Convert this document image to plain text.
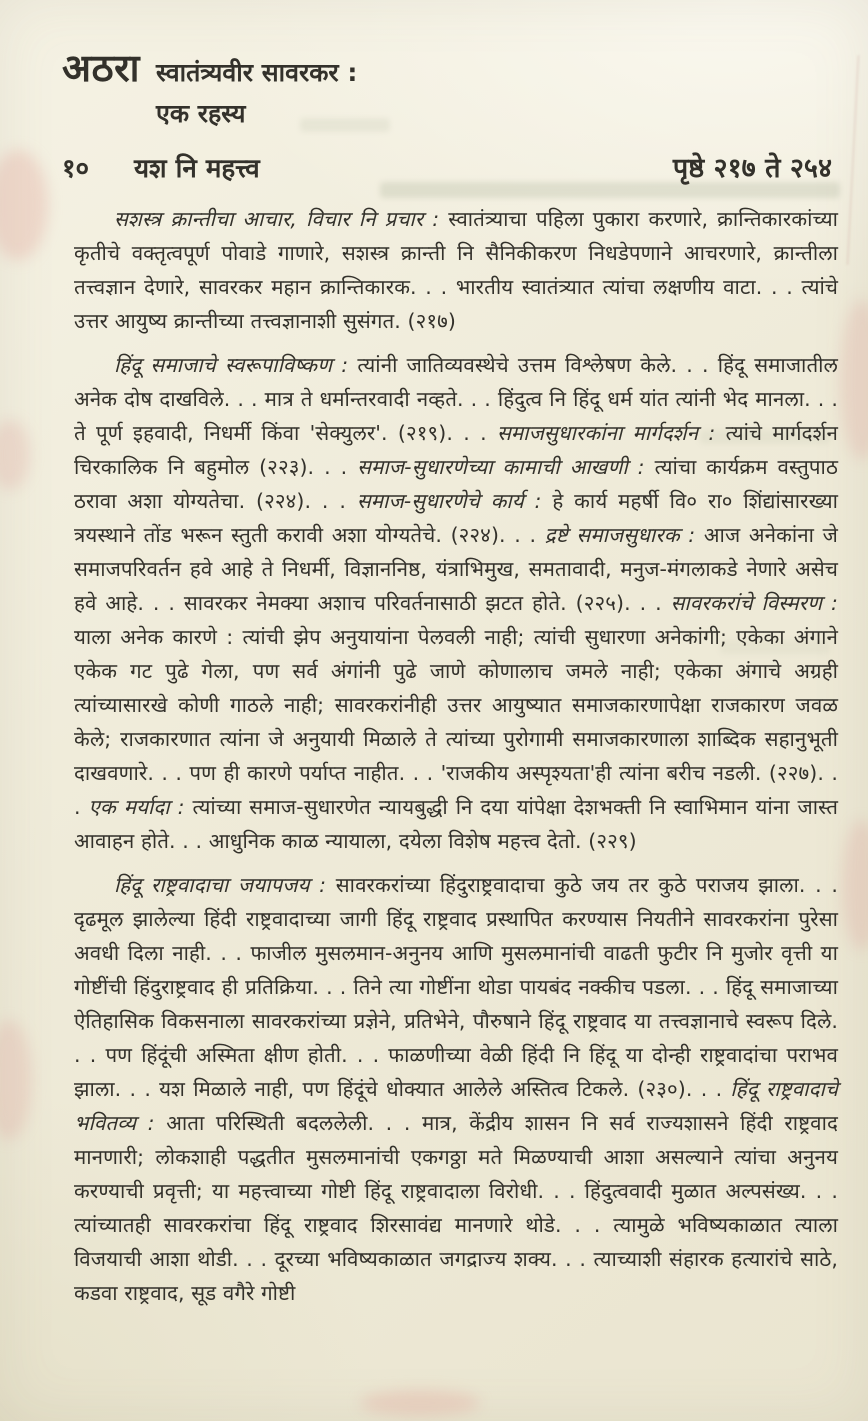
अठरा स्वातंत्र्यवीर सावरकर :
एक रहस्य
१०	यश नि महत्त्व	पृष्ठे २१७ ते २५४

सशस्त्र क्रान्तीचा आचार, विचार नि प्रचार : स्वातंत्र्याचा पहिला पुकारा करणारे, क्रान्तिकारकांच्या कृतीचे वक्तृत्वपूर्ण पोवाडे गाणारे, सशस्त्र क्रान्ती नि सैनिकीकरण निधडेपणाने आचरणारे, क्रान्तीला तत्त्वज्ञान देणारे, सावरकर महान क्रान्तिकारक. . . भारतीय स्वातंत्र्यात त्यांचा लक्षणीय वाटा. . . त्यांचे उत्तर आयुष्य क्रान्तीच्या तत्त्वज्ञानाशी सुसंगत. (२१७)

हिंदू समाजाचे स्वरूपाविष्कण : त्यांनी जातिव्यवस्थेचे उत्तम विश्लेषण केले. . . हिंदू समाजातील अनेक दोष दाखविले. . . मात्र ते धर्मान्तरवादी नव्हते. . . हिंदुत्व नि हिंदू धर्म यांत त्यांनी भेद मानला. . . ते पूर्ण इहवादी, निधर्मी किंवा 'सेक्युलर'. (२१९). . . समाजसुधारकांना मार्गदर्शन : त्यांचे मार्गदर्शन चिरकालिक नि बहुमोल (२२३). . . समाज-सुधारणेच्या कामाची आखणी : त्यांचा कार्यक्रम वस्तुपाठ ठरावा अशा योग्यतेचा. (२२४). . . समाज-सुधारणेचे कार्य : हे कार्य महर्षी वि० रा० शिंद्यांसारख्या त्रयस्थाने तोंड भरून स्तुती करावी अशा योग्यतेचे. (२२४). . . द्रष्टे समाजसुधारक : आज अनेकांना जे समाजपरिवर्तन हवे आहे ते निधर्मी, विज्ञाननिष्ठ, यंत्राभिमुख, समतावादी, मनुज-मंगलाकडे नेणारे असेच हवे आहे. . . सावरकर नेमक्या अशाच परिवर्तनासाठी झटत होते. (२२५). . . सावरकरांचे विस्मरण : याला अनेक कारणे : त्यांची झेप अनुयायांना पेलवली नाही; त्यांची सुधारणा अनेकांगी; एकेका अंगाने एकेक गट पुढे गेला, पण सर्व अंगांनी पुढे जाणे कोणालाच जमले नाही; एकेका अंगाचे अग्रही त्यांच्यासारखे कोणी गाठले नाही; सावरकरांनीही उत्तर आयुष्यात समाजकारणापेक्षा राजकारण जवळ केले; राजकारणात त्यांना जे अनुयायी मिळाले ते त्यांच्या पुरोगामी समाजकारणाला शाब्दिक सहानुभूती दाखवणारे. . . पण ही कारणे पर्याप्त नाहीत. . . 'राजकीय अस्पृश्यता'ही त्यांना बरीच नडली. (२२७). . . एक मर्यादा : त्यांच्या समाज-सुधारणेत न्यायबुद्धी नि दया यांपेक्षा देशभक्ती नि स्वाभिमान यांना जास्त आवाहन होते. . . आधुनिक काळ न्यायाला, दयेला विशेष महत्त्व देतो. (२२९)

हिंदू राष्ट्रवादाचा जयापजय : सावरकरांच्या हिंदुराष्ट्रवादाचा कुठे जय तर कुठे पराजय झाला. . . दृढमूल झालेल्या हिंदी राष्ट्रवादाच्या जागी हिंदू राष्ट्रवाद प्रस्थापित करण्यास नियतीने सावरकरांना पुरेसा अवधी दिला नाही. . . फाजील मुसलमान-अनुनय आणि मुसलमानांची वाढती फुटीर नि मुजोर वृत्ती या गोष्टींची हिंदुराष्ट्रवाद ही प्रतिक्रिया. . . तिने त्या गोष्टींना थोडा पायबंद नक्कीच पडला. . . हिंदू समाजाच्या ऐतिहासिक विकसनाला सावरकरांच्या प्रज्ञेने, प्रतिभेने, पौरुषाने हिंदू राष्ट्रवाद या तत्त्वज्ञानाचे स्वरूप दिले. . . पण हिंदूंची अस्मिता क्षीण होती. . . फाळणीच्या वेळी हिंदी नि हिंदू या दोन्ही राष्ट्रवादांचा पराभव झाला. . . यश मिळाले नाही, पण हिंदूंचे धोक्यात आलेले अस्तित्व टिकले. (२३०). . . हिंदू राष्ट्रवादाचे भवितव्य : आता परिस्थिती बदललेली. . . मात्र, केंद्रीय शासन नि सर्व राज्यशासने हिंदी राष्ट्रवाद मानणारी; लोकशाही पद्धतीत मुसलमानांची एकगठ्ठा मते मिळण्याची आशा असल्याने त्यांचा अनुनय करण्याची प्रवृत्ती; या महत्त्वाच्या गोष्टी हिंदू राष्ट्रवादाला विरोधी. . . हिंदुत्ववादी मुळात अल्पसंख्य. . . त्यांच्यातही सावरकरांचा हिंदू राष्ट्रवाद शिरसावंद्य मानणारे थोडे. . . त्यामुळे भविष्यकाळात त्याला विजयाची आशा थोडी. . . दूरच्या भविष्यकाळात जगद्राज्य शक्य. . . त्याच्याशी संहारक हत्यारांचे साठे, कडवा राष्ट्रवाद, सूड वगैरे गोष्टी
